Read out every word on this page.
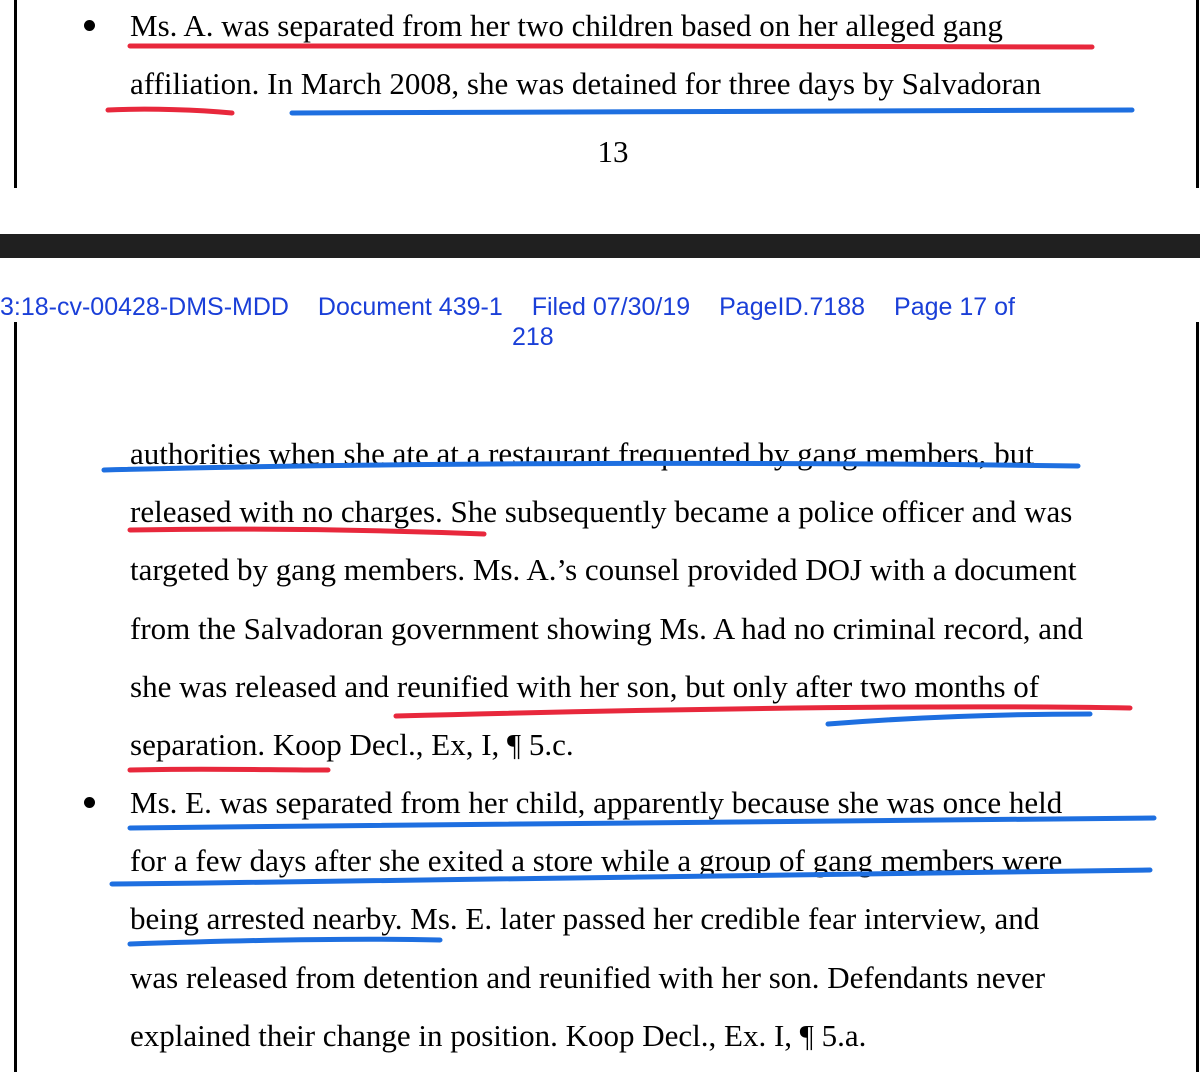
Ms. A. was separated from her two children based on her alleged gang
affiliation. In March 2008, she was detained for three days by Salvadoran
13
3:18-cv-00428-DMS-MDD Document 439-1 Filed 07/30/19 PageID.7188 Page 17 of
218
authorities when she ate at a restaurant frequented by gang members, but
released with no charges. She subsequently became a police officer and was
targeted by gang members. Ms. A.’s counsel provided DOJ with a document
from the Salvadoran government showing Ms. A had no criminal record, and
she was released and reunified with her son, but only after two months of
separation. Koop Decl., Ex, I, ¶ 5.c.
Ms. E. was separated from her child, apparently because she was once held
for a few days after she exited a store while a group of gang members were
being arrested nearby. Ms. E. later passed her credible fear interview, and
was released from detention and reunified with her son. Defendants never
explained their change in position. Koop Decl., Ex. I, ¶ 5.a.
